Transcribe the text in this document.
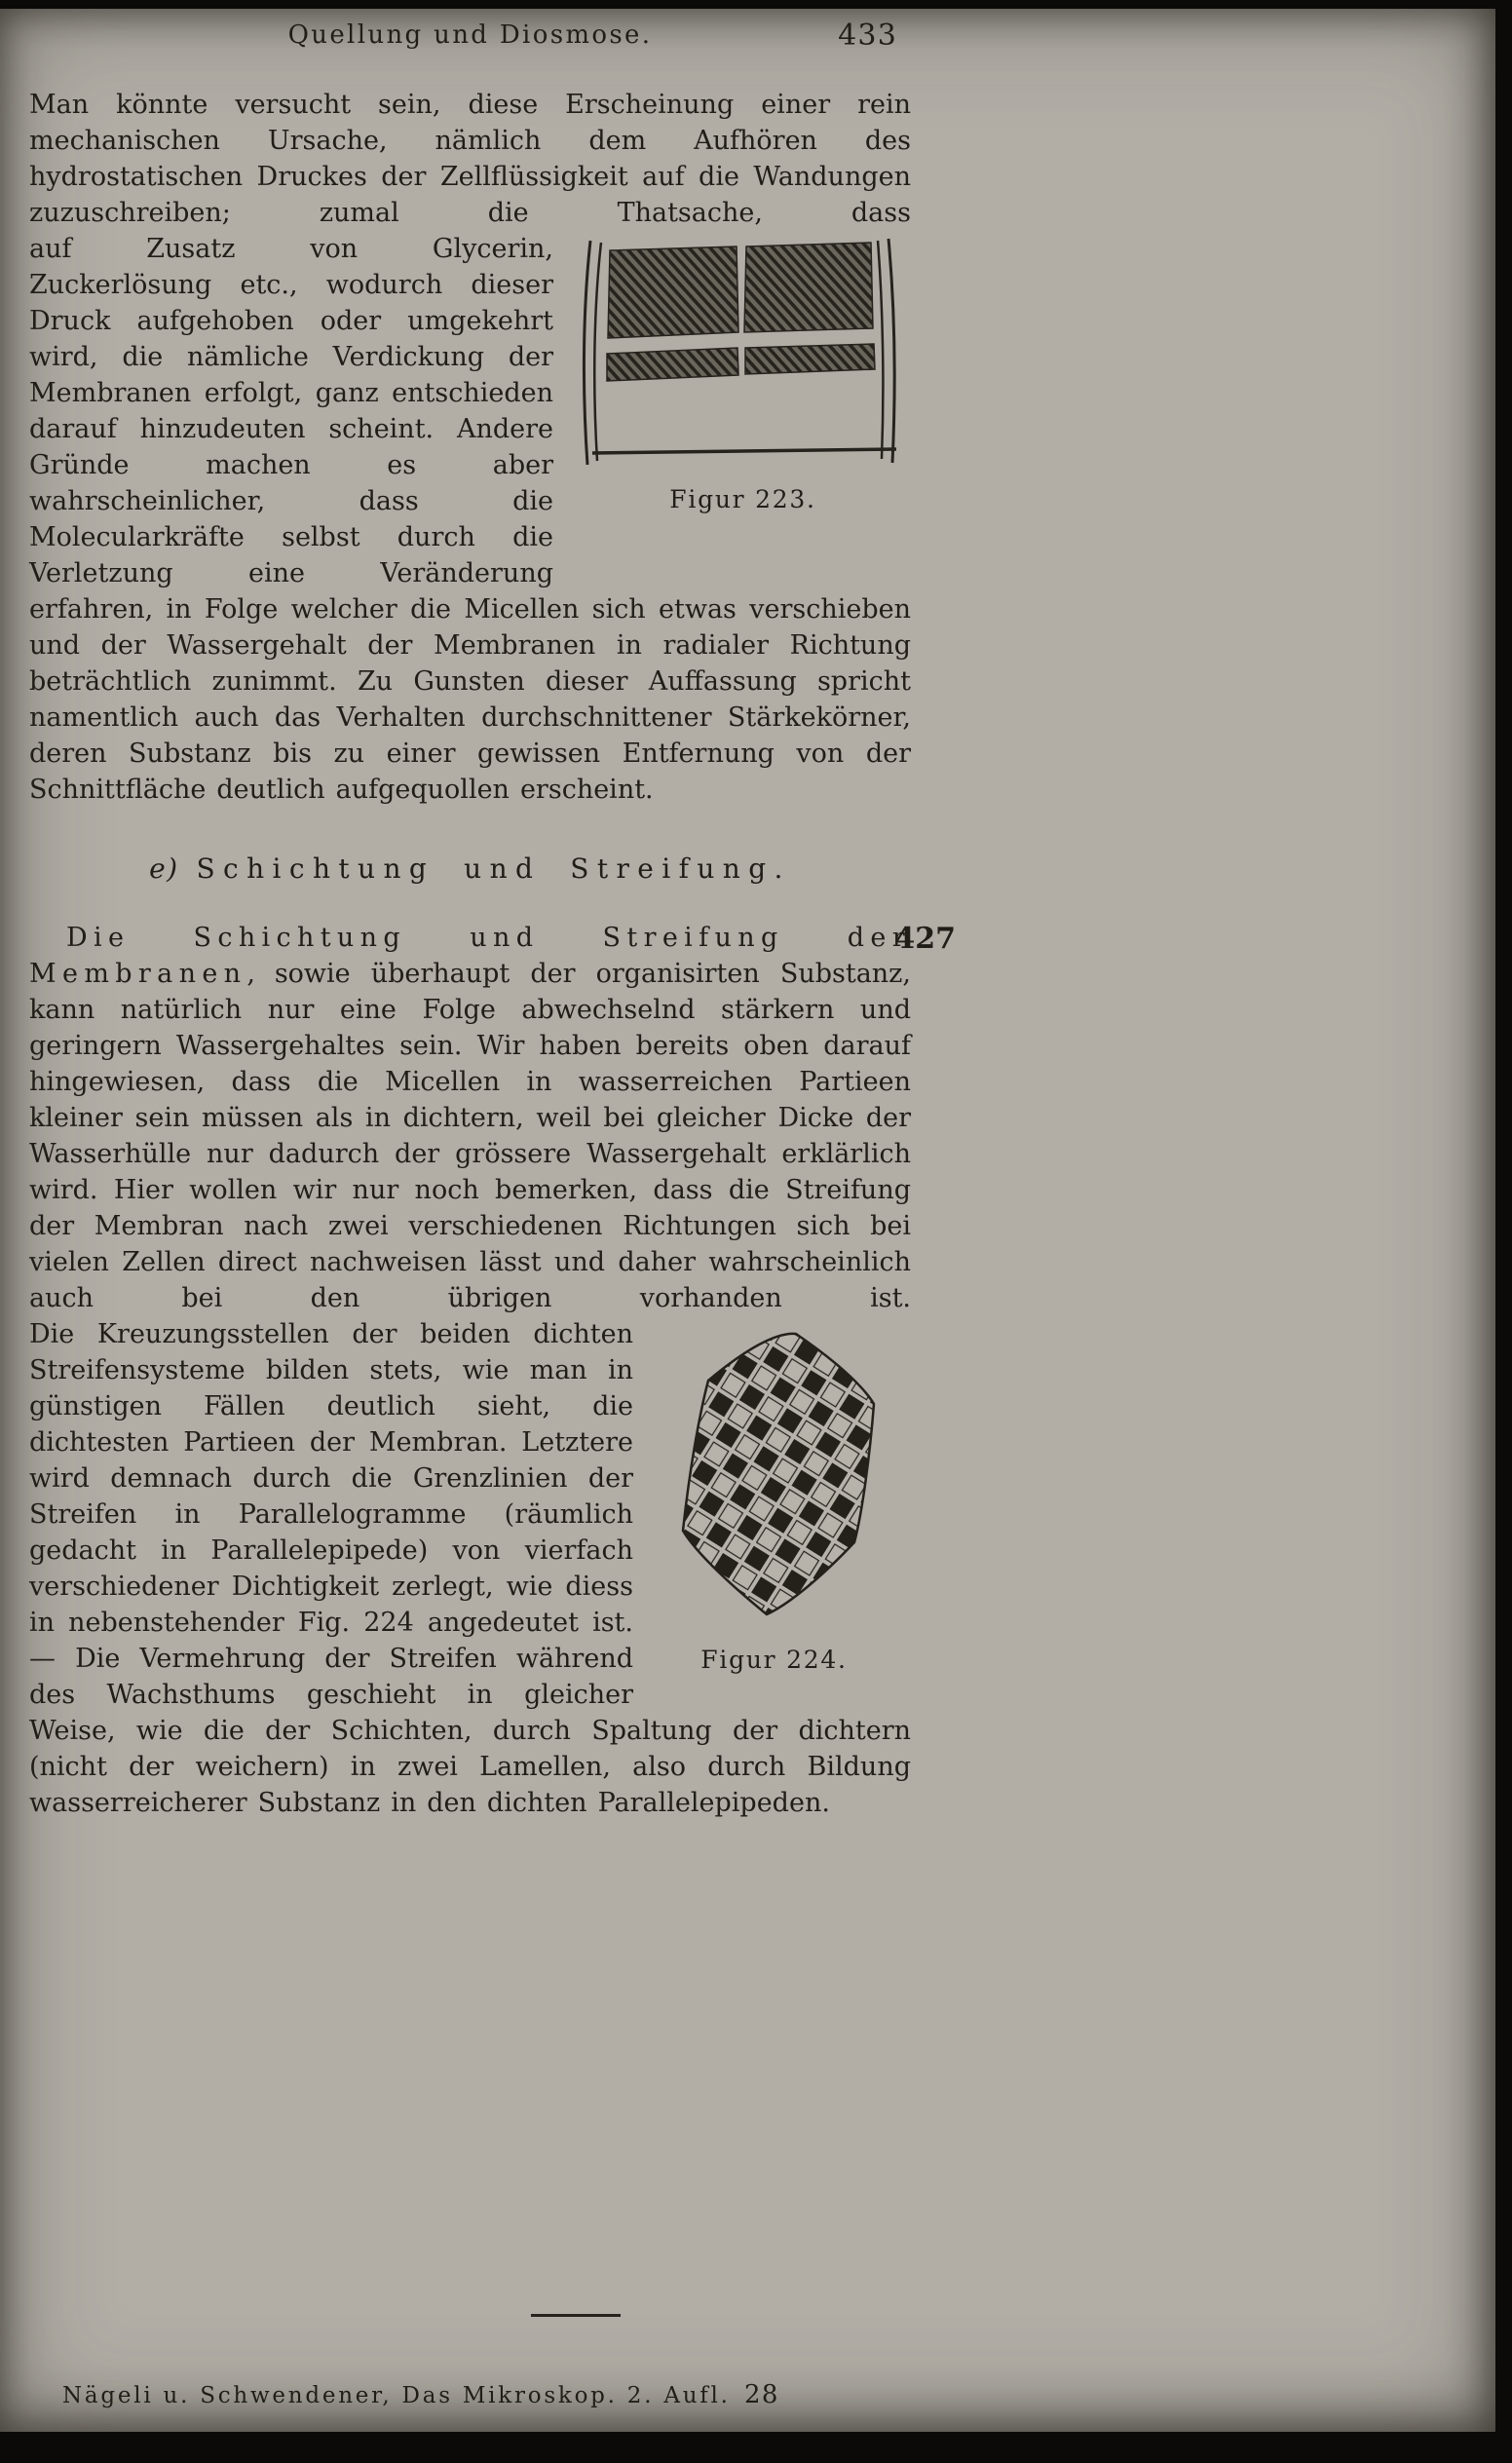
Quellung und Diosmose.	433

Man könnte versucht sein, diese Erscheinung einer rein mechanischen Ursache, nämlich dem Aufhören des hydrostatischen Druckes der Zellflüssigkeit auf die Wandungen zuzuschreiben; zumal die Thatsache, dass

Figur 223.

auf Zusatz von Glycerin, Zuckerlösung etc., wodurch dieser Druck aufgehoben oder umgekehrt wird, die nämliche Verdickung der Membranen erfolgt, ganz entschieden darauf hinzudeuten scheint. Andere Gründe machen es aber wahrscheinlicher, dass die Molecularkräfte selbst durch die Verletzung eine Veränderung erfahren, in Folge welcher die Micellen sich etwas verschieben und der Wassergehalt der Membranen in radialer Richtung beträchtlich zunimmt. Zu Gunsten dieser Auffassung spricht namentlich auch das Verhalten durchschnittener Stärkekörner, deren Substanz bis zu einer gewissen Entfernung von der Schnittfläche deutlich aufgequollen erscheint.

e) Schichtung und Streifung.
427

Die Schichtung und Streifung der Membranen, sowie überhaupt der organisirten Substanz, kann natürlich nur eine Folge abwechselnd stärkern und geringern Wassergehaltes sein. Wir haben bereits oben darauf hingewiesen, dass die Micellen in wasserreichen Partieen kleiner sein müssen als in dichtern, weil bei gleicher Dicke der Wasserhülle nur dadurch der grössere Wassergehalt erklärlich wird. Hier wollen wir nur noch bemerken, dass die Streifung der Membran nach zwei verschiedenen Richtungen sich bei vielen Zellen direct nachweisen lässt und daher wahrscheinlich auch bei den übrigen vorhanden ist.

Figur 224.

Die Kreuzungsstellen der beiden dichten Streifensysteme bilden stets, wie man in günstigen Fällen deutlich sieht, die dichtesten Partieen der Membran. Letztere wird demnach durch die Grenzlinien der Streifen in Parallelogramme (räumlich gedacht in Parallelepipede) von vierfach verschiedener Dichtigkeit zerlegt, wie diess in nebenstehender Fig. 224 angedeutet ist. — Die Vermehrung der Streifen während des Wachsthums geschieht in gleicher Weise, wie die der Schichten, durch Spaltung der dichtern (nicht der weichern) in zwei Lamellen, also durch Bildung wasserreicherer Substanz in den dichten Parallelepipeden.

Nägeli u. Schwendener, Das Mikroskop. 2. Aufl. 28
